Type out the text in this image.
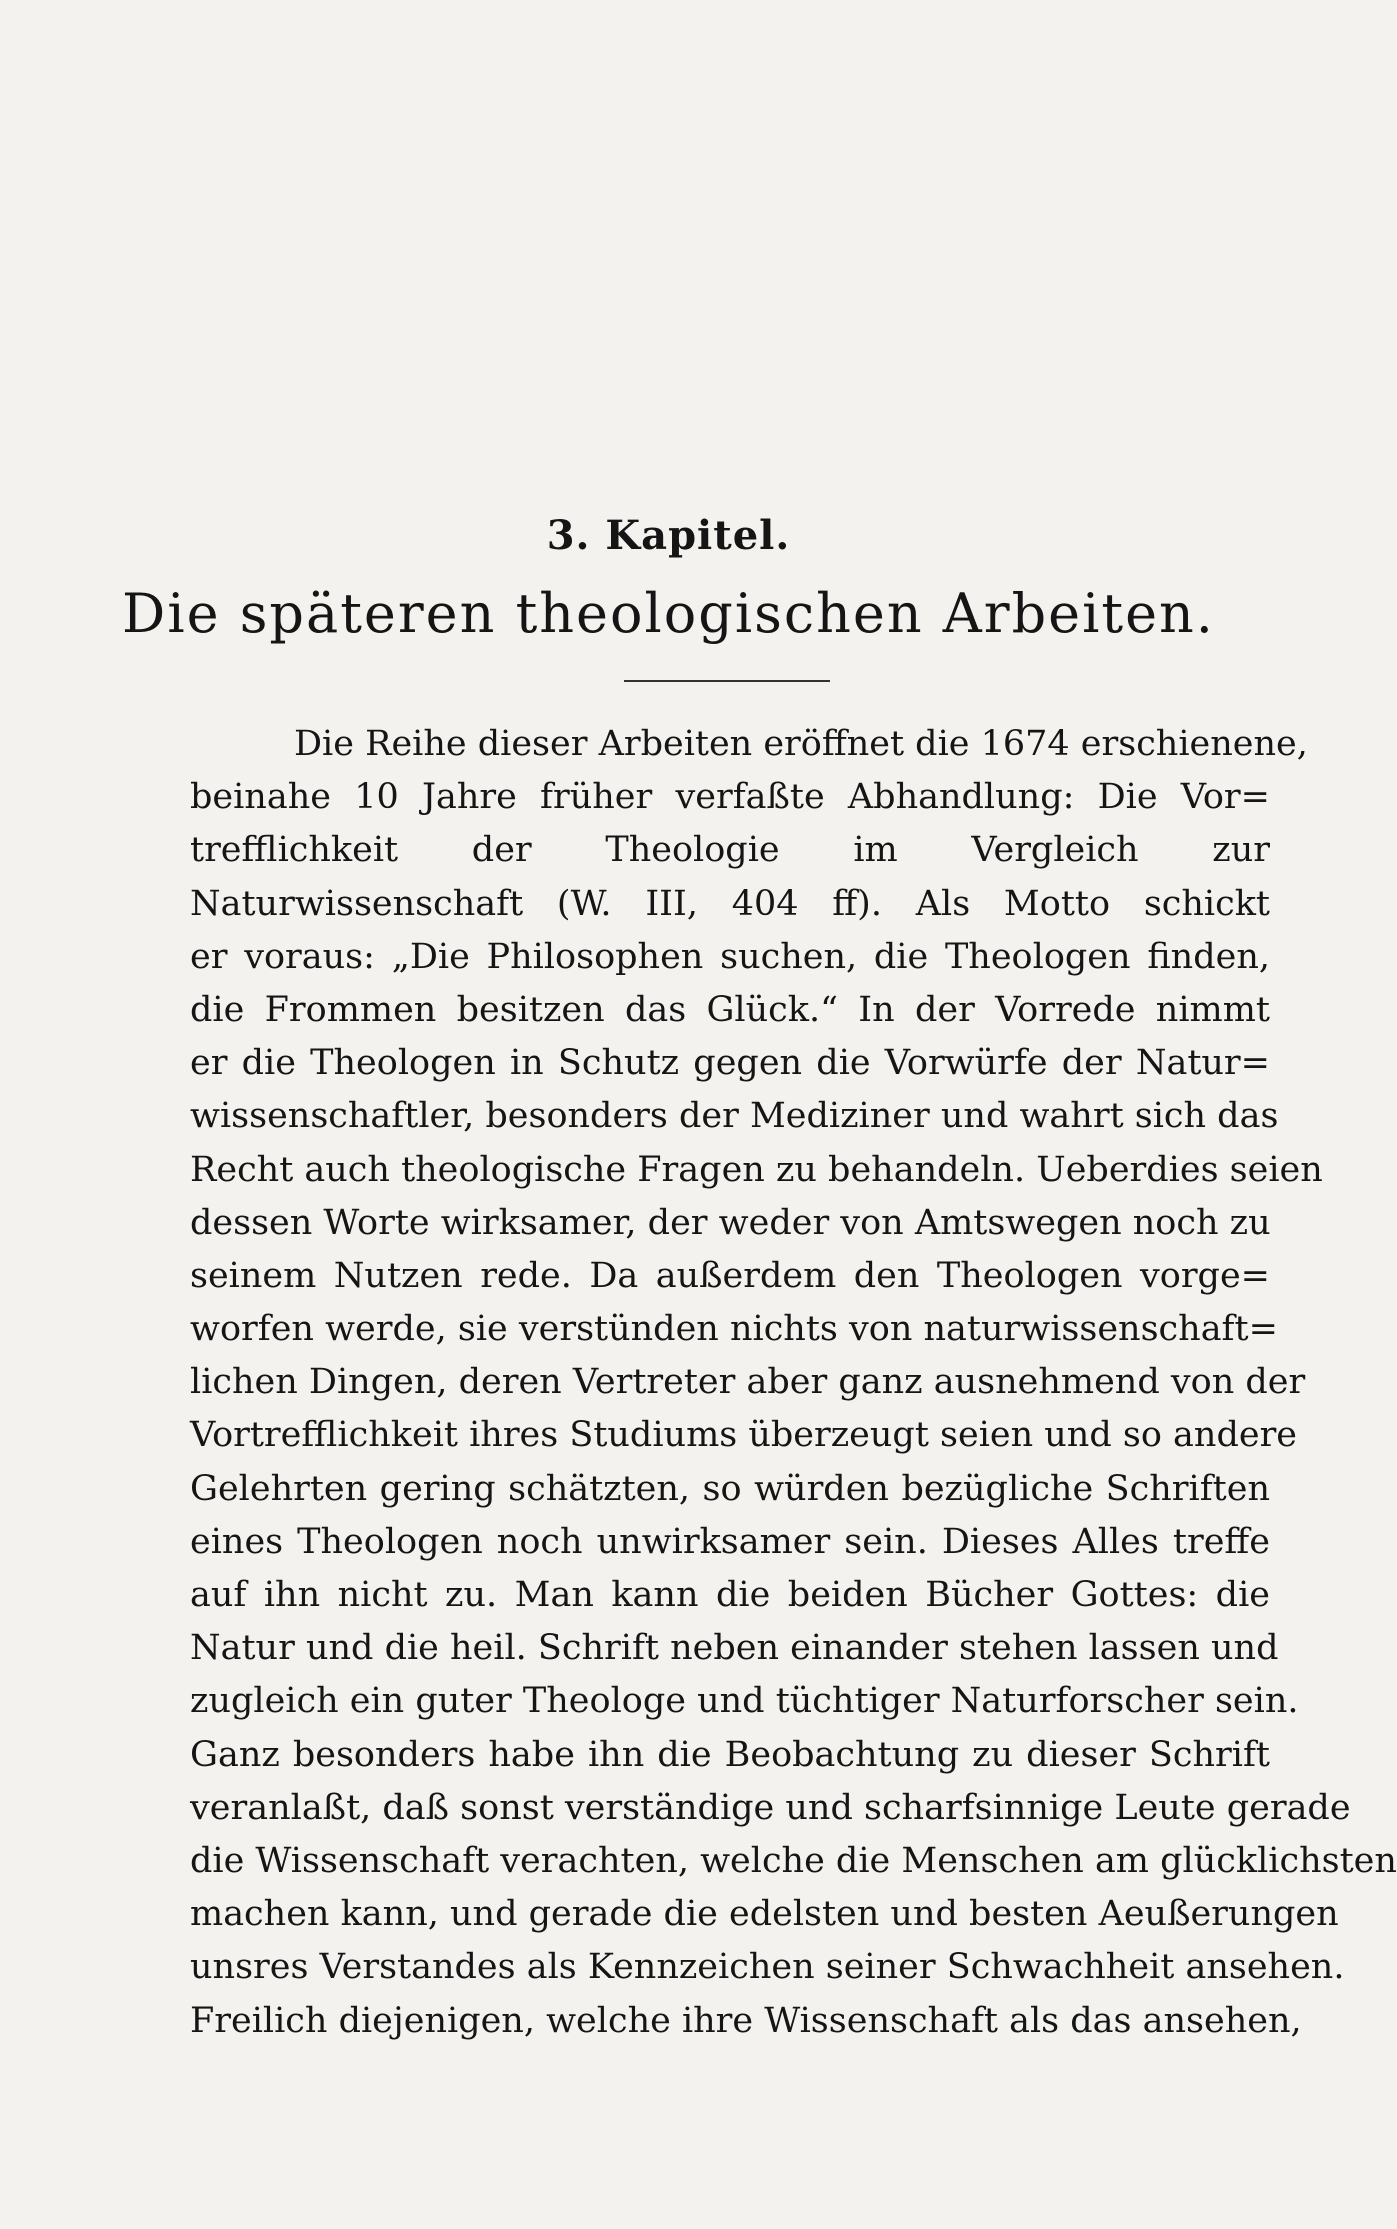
3. Kapitel.
Die späteren theologischen Arbeiten.
Die Reihe dieser Arbeiten eröffnet die 1674 erschienene,
beinahe 10 Jahre früher verfaßte Abhandlung: Die Vor=
trefflichkeit der Theologie im Vergleich zur
Naturwissenschaft (W. III, 404 ff). Als Motto schickt
er voraus: „Die Philosophen suchen, die Theologen finden,
die Frommen besitzen das Glück.“ In der Vorrede nimmt
er die Theologen in Schutz gegen die Vorwürfe der Natur=
wissenschaftler, besonders der Mediziner und wahrt sich das
Recht auch theologische Fragen zu behandeln. Ueberdies seien
dessen Worte wirksamer, der weder von Amtswegen noch zu
seinem Nutzen rede. Da außerdem den Theologen vorge=
worfen werde, sie verstünden nichts von naturwissenschaft=
lichen Dingen, deren Vertreter aber ganz ausnehmend von der
Vortrefflichkeit ihres Studiums überzeugt seien und so andere
Gelehrten gering schätzten, so würden bezügliche Schriften
eines Theologen noch unwirksamer sein. Dieses Alles treffe
auf ihn nicht zu. Man kann die beiden Bücher Gottes: die
Natur und die heil. Schrift neben einander stehen lassen und
zugleich ein guter Theologe und tüchtiger Naturforscher sein.
Ganz besonders habe ihn die Beobachtung zu dieser Schrift
veranlaßt, daß sonst verständige und scharfsinnige Leute gerade
die Wissenschaft verachten, welche die Menschen am glücklichsten
machen kann, und gerade die edelsten und besten Aeußerungen
unsres Verstandes als Kennzeichen seiner Schwachheit ansehen.
Freilich diejenigen, welche ihre Wissenschaft als das ansehen,
